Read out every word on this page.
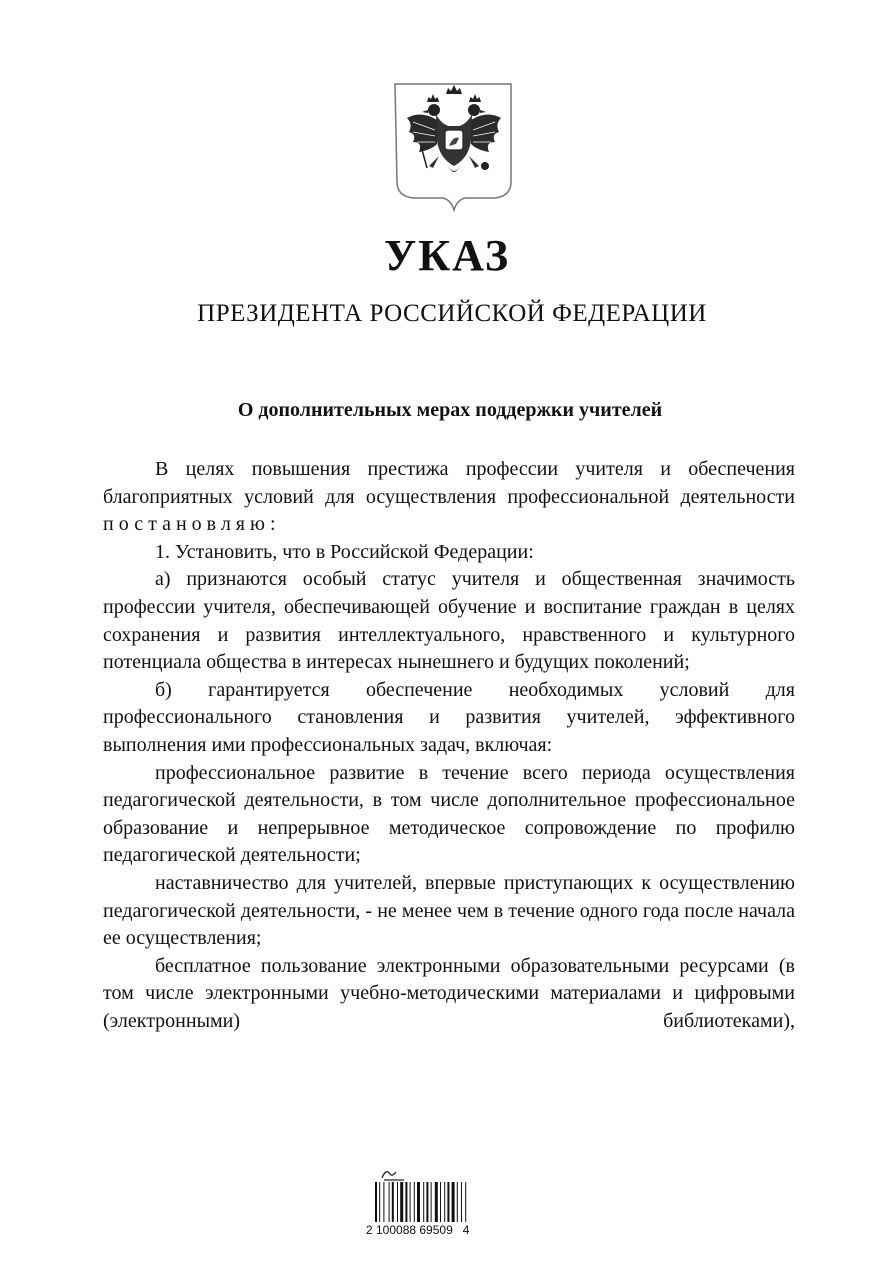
УКАЗ
ПРЕЗИДЕНТА РОССИЙСКОЙ ФЕДЕРАЦИИ
О дополнительных мерах поддержки учителей

В целях повышения престижа профессии учителя и обеспечения благоприятных условий для осуществления профессиональной деятельности постановляю:

1. Установить, что в Российской Федерации:

а) признаются особый статус учителя и общественная значимость профессии учителя, обеспечивающей обучение и воспитание граждан в целях сохранения и развития интеллектуального, нравственного и культурного потенциала общества в интересах нынешнего и будущих поколений;

б) гарантируется обеспечение необходимых условий для профессионального становления и развития учителей, эффективного выполнения ими профессиональных задач, включая:

профессиональное развитие в течение всего периода осуществления педагогической деятельности, в том числе дополнительное профессиональное образование и непрерывное методическое сопровождение по профилю педагогической деятельности;

наставничество для учителей, впервые приступающих к осуществлению педагогической деятельности, - не менее чем в течение одного года после начала ее осуществления;

бесплатное пользование электронными образовательными ресурсами (в том числе электронными учебно-методическими материалами и цифровыми (электронными) библиотеками),

2 100088 69509   4
